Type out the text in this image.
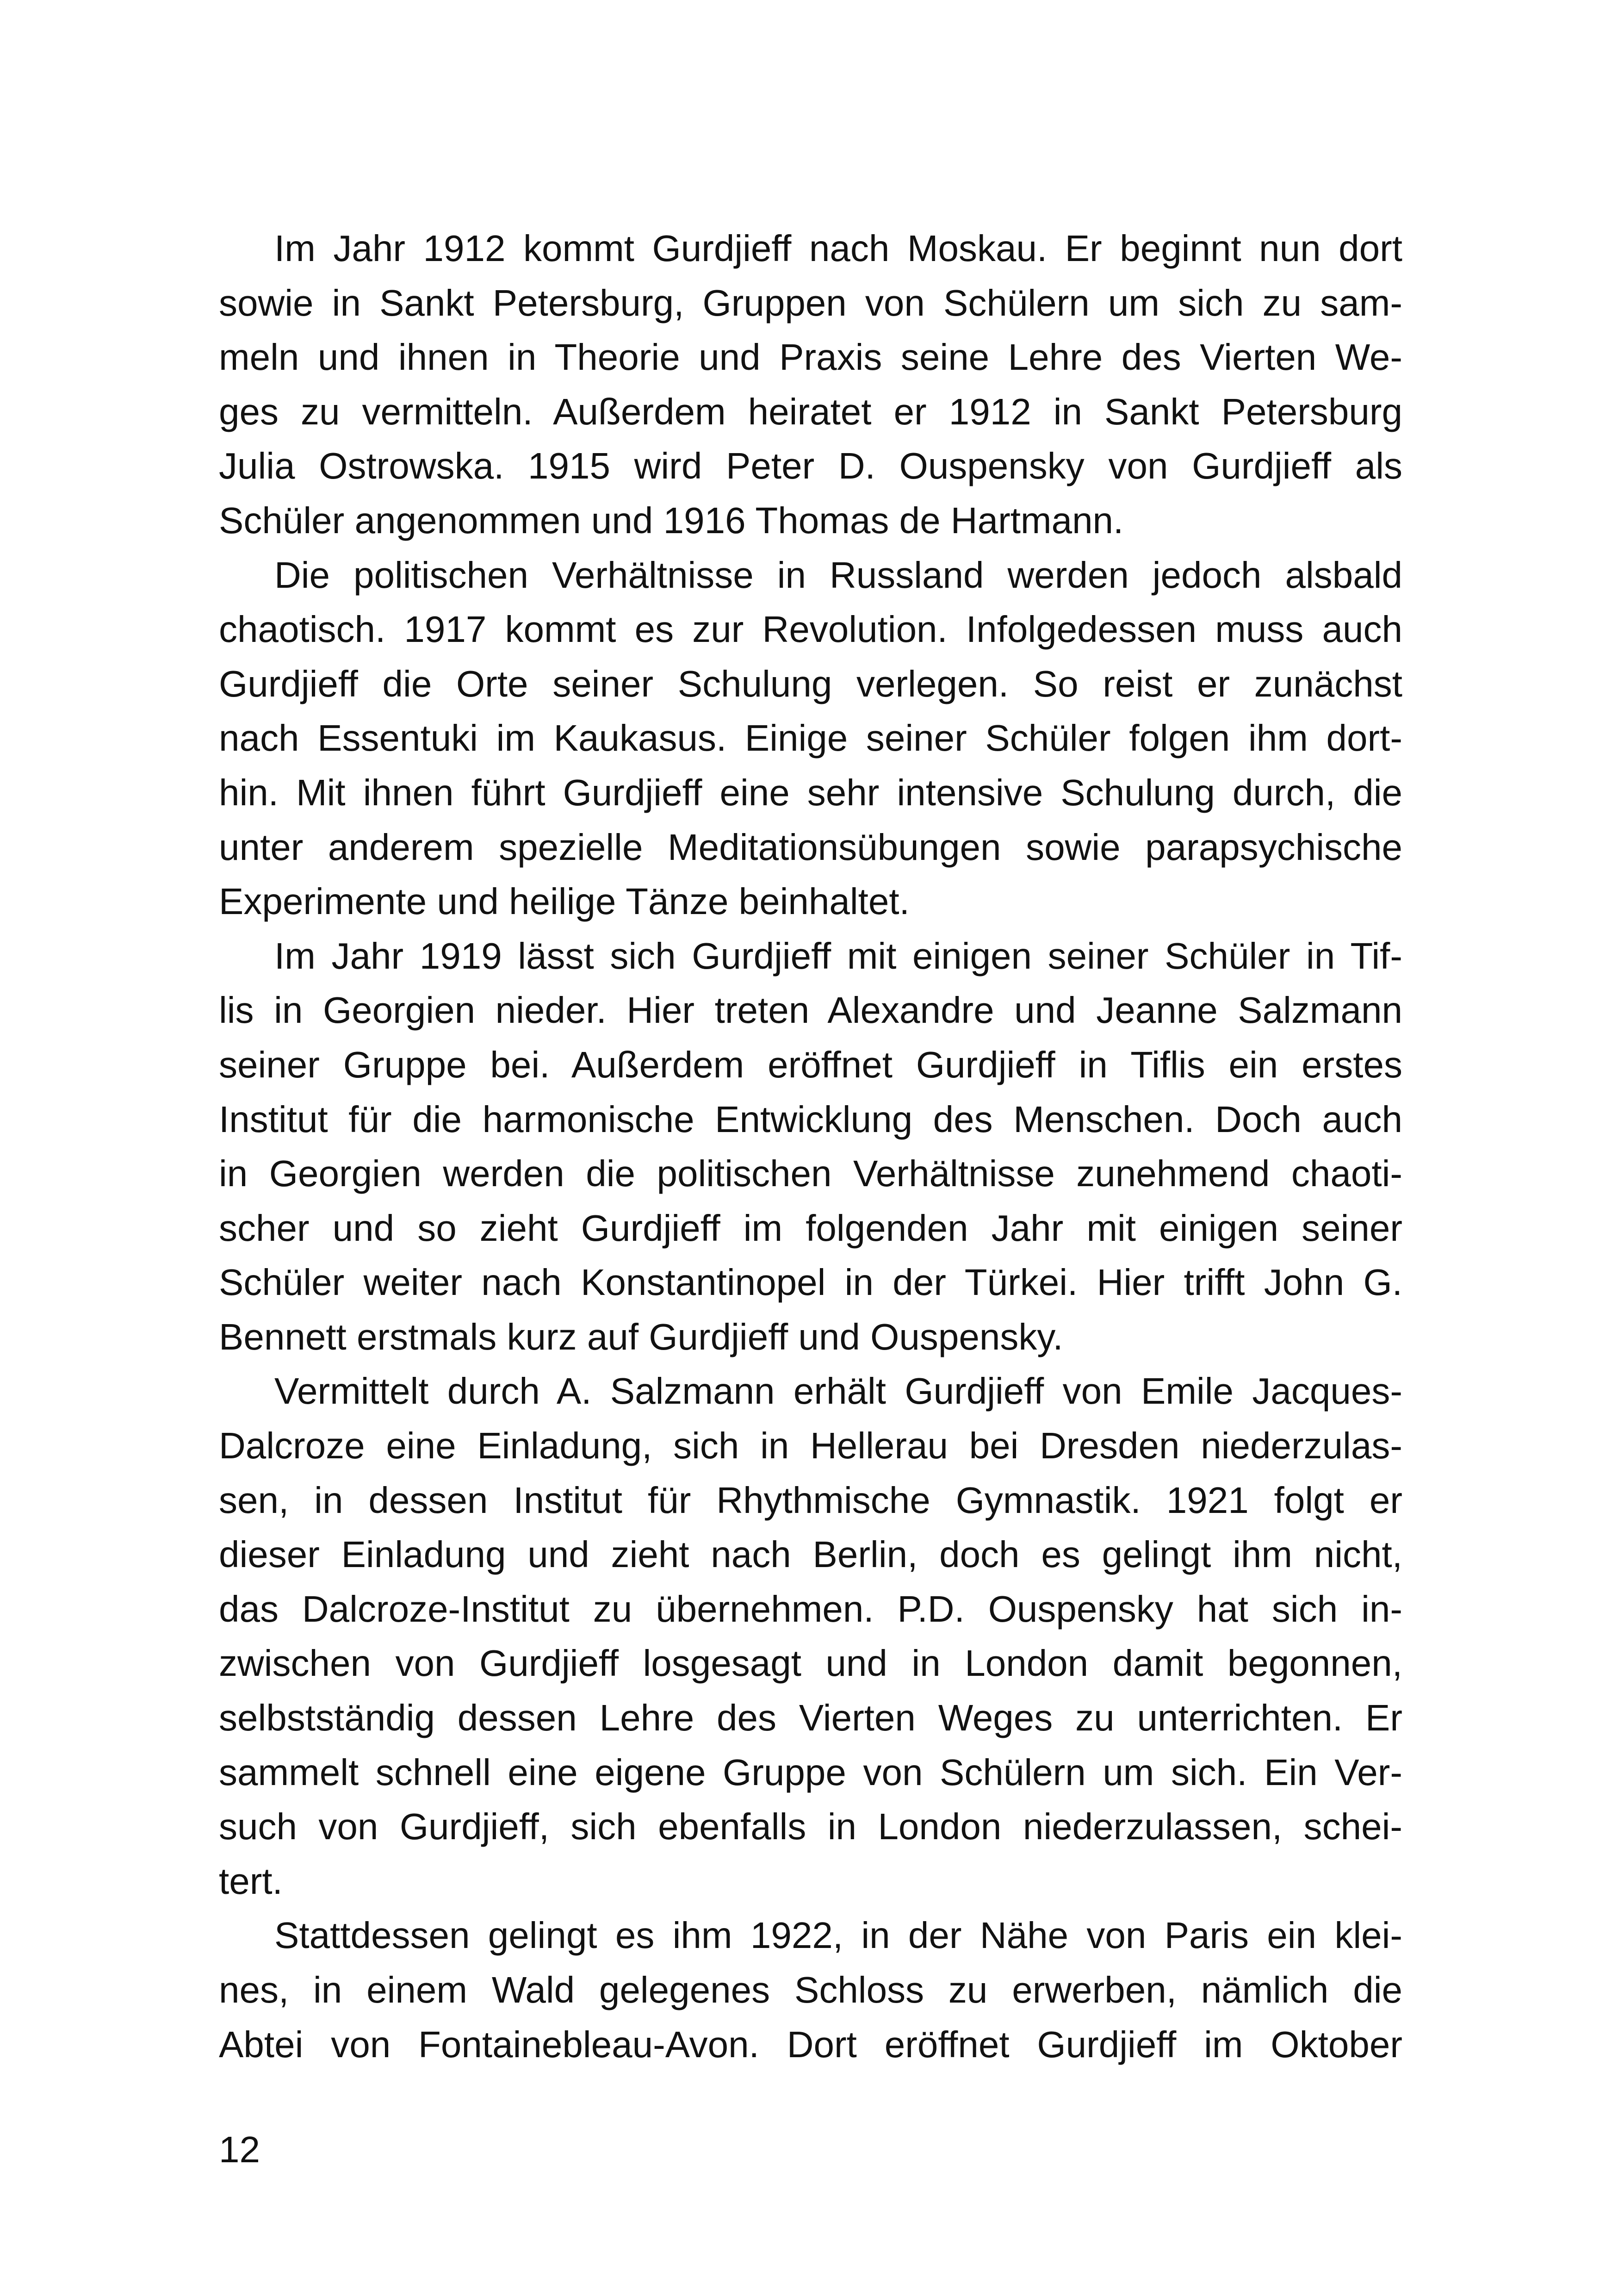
Im Jahr 1912 kommt Gurdjieff nach Moskau. Er beginnt nun dort
sowie in Sankt Petersburg, Gruppen von Schülern um sich zu sam-
meln und ihnen in Theorie und Praxis seine Lehre des Vierten We-
ges zu vermitteln. Außerdem heiratet er 1912 in Sankt Petersburg
Julia Ostrowska. 1915 wird Peter D. Ouspensky von Gurdjieff als
Schüler angenommen und 1916 Thomas de Hartmann.
Die politischen Verhältnisse in Russland werden jedoch alsbald
chaotisch. 1917 kommt es zur Revolution. Infolgedessen muss auch
Gurdjieff die Orte seiner Schulung verlegen. So reist er zunächst
nach Essentuki im Kaukasus. Einige seiner Schüler folgen ihm dort-
hin. Mit ihnen führt Gurdjieff eine sehr intensive Schulung durch, die
unter anderem spezielle Meditationsübungen sowie parapsychische
Experimente und heilige Tänze beinhaltet.
Im Jahr 1919 lässt sich Gurdjieff mit einigen seiner Schüler in Tif-
lis in Georgien nieder. Hier treten Alexandre und Jeanne Salzmann
seiner Gruppe bei. Außerdem eröffnet Gurdjieff in Tiflis ein erstes
Institut für die harmonische Entwicklung des Menschen. Doch auch
in Georgien werden die politischen Verhältnisse zunehmend chaoti-
scher und so zieht Gurdjieff im folgenden Jahr mit einigen seiner
Schüler weiter nach Konstantinopel in der Türkei. Hier trifft John G.
Bennett erstmals kurz auf Gurdjieff und Ouspensky.
Vermittelt durch A. Salzmann erhält Gurdjieff von Emile Jacques-
Dalcroze eine Einladung, sich in Hellerau bei Dresden niederzulas-
sen, in dessen Institut für Rhythmische Gymnastik. 1921 folgt er
dieser Einladung und zieht nach Berlin, doch es gelingt ihm nicht,
das Dalcroze-Institut zu übernehmen. P.D. Ouspensky hat sich in-
zwischen von Gurdjieff losgesagt und in London damit begonnen,
selbstständig dessen Lehre des Vierten Weges zu unterrichten. Er
sammelt schnell eine eigene Gruppe von Schülern um sich. Ein Ver-
such von Gurdjieff, sich ebenfalls in London niederzulassen, schei-
tert.
Stattdessen gelingt es ihm 1922, in der Nähe von Paris ein klei-
nes, in einem Wald gelegenes Schloss zu erwerben, nämlich die
Abtei von Fontainebleau-Avon. Dort eröffnet Gurdjieff im Oktober
12
